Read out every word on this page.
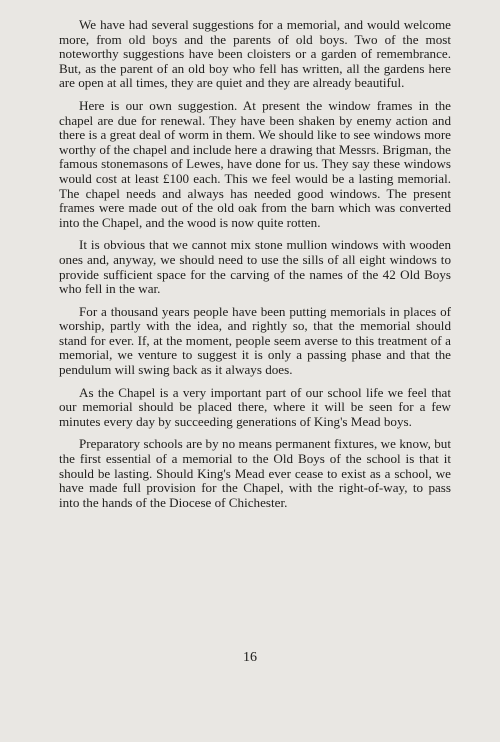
We have had several suggestions for a memorial, and would welcome more, from old boys and the parents of old boys. Two of the most noteworthy suggestions have been cloisters or a garden of remembrance. But, as the parent of an old boy who fell has written, all the gardens here are open at all times, they are quiet and they are already beautiful.

Here is our own suggestion. At present the window frames in the chapel are due for renewal. They have been shaken by enemy action and there is a great deal of worm in them. We should like to see windows more worthy of the chapel and include here a drawing that Messrs. Brigman, the famous stonemasons of Lewes, have done for us. They say these windows would cost at least £100 each. This we feel would be a lasting memorial. The chapel needs and always has needed good windows. The present frames were made out of the old oak from the barn which was converted into the Chapel, and the wood is now quite rotten.

It is obvious that we cannot mix stone mullion windows with wooden ones and, anyway, we should need to use the sills of all eight windows to provide sufficient space for the carving of the names of the 42 Old Boys who fell in the war.

For a thousand years people have been putting memorials in places of worship, partly with the idea, and rightly so, that the memorial should stand for ever. If, at the moment, people seem averse to this treatment of a memorial, we venture to suggest it is only a passing phase and that the pendulum will swing back as it always does.

As the Chapel is a very important part of our school life we feel that our memorial should be placed there, where it will be seen for a few minutes every day by succeeding generations of King's Mead boys.

Preparatory schools are by no means permanent fixtures, we know, but the first essential of a memorial to the Old Boys of the school is that it should be lasting. Should King's Mead ever cease to exist as a school, we have made full provision for the Chapel, with the right-of-way, to pass into the hands of the Diocese of Chichester.

16
